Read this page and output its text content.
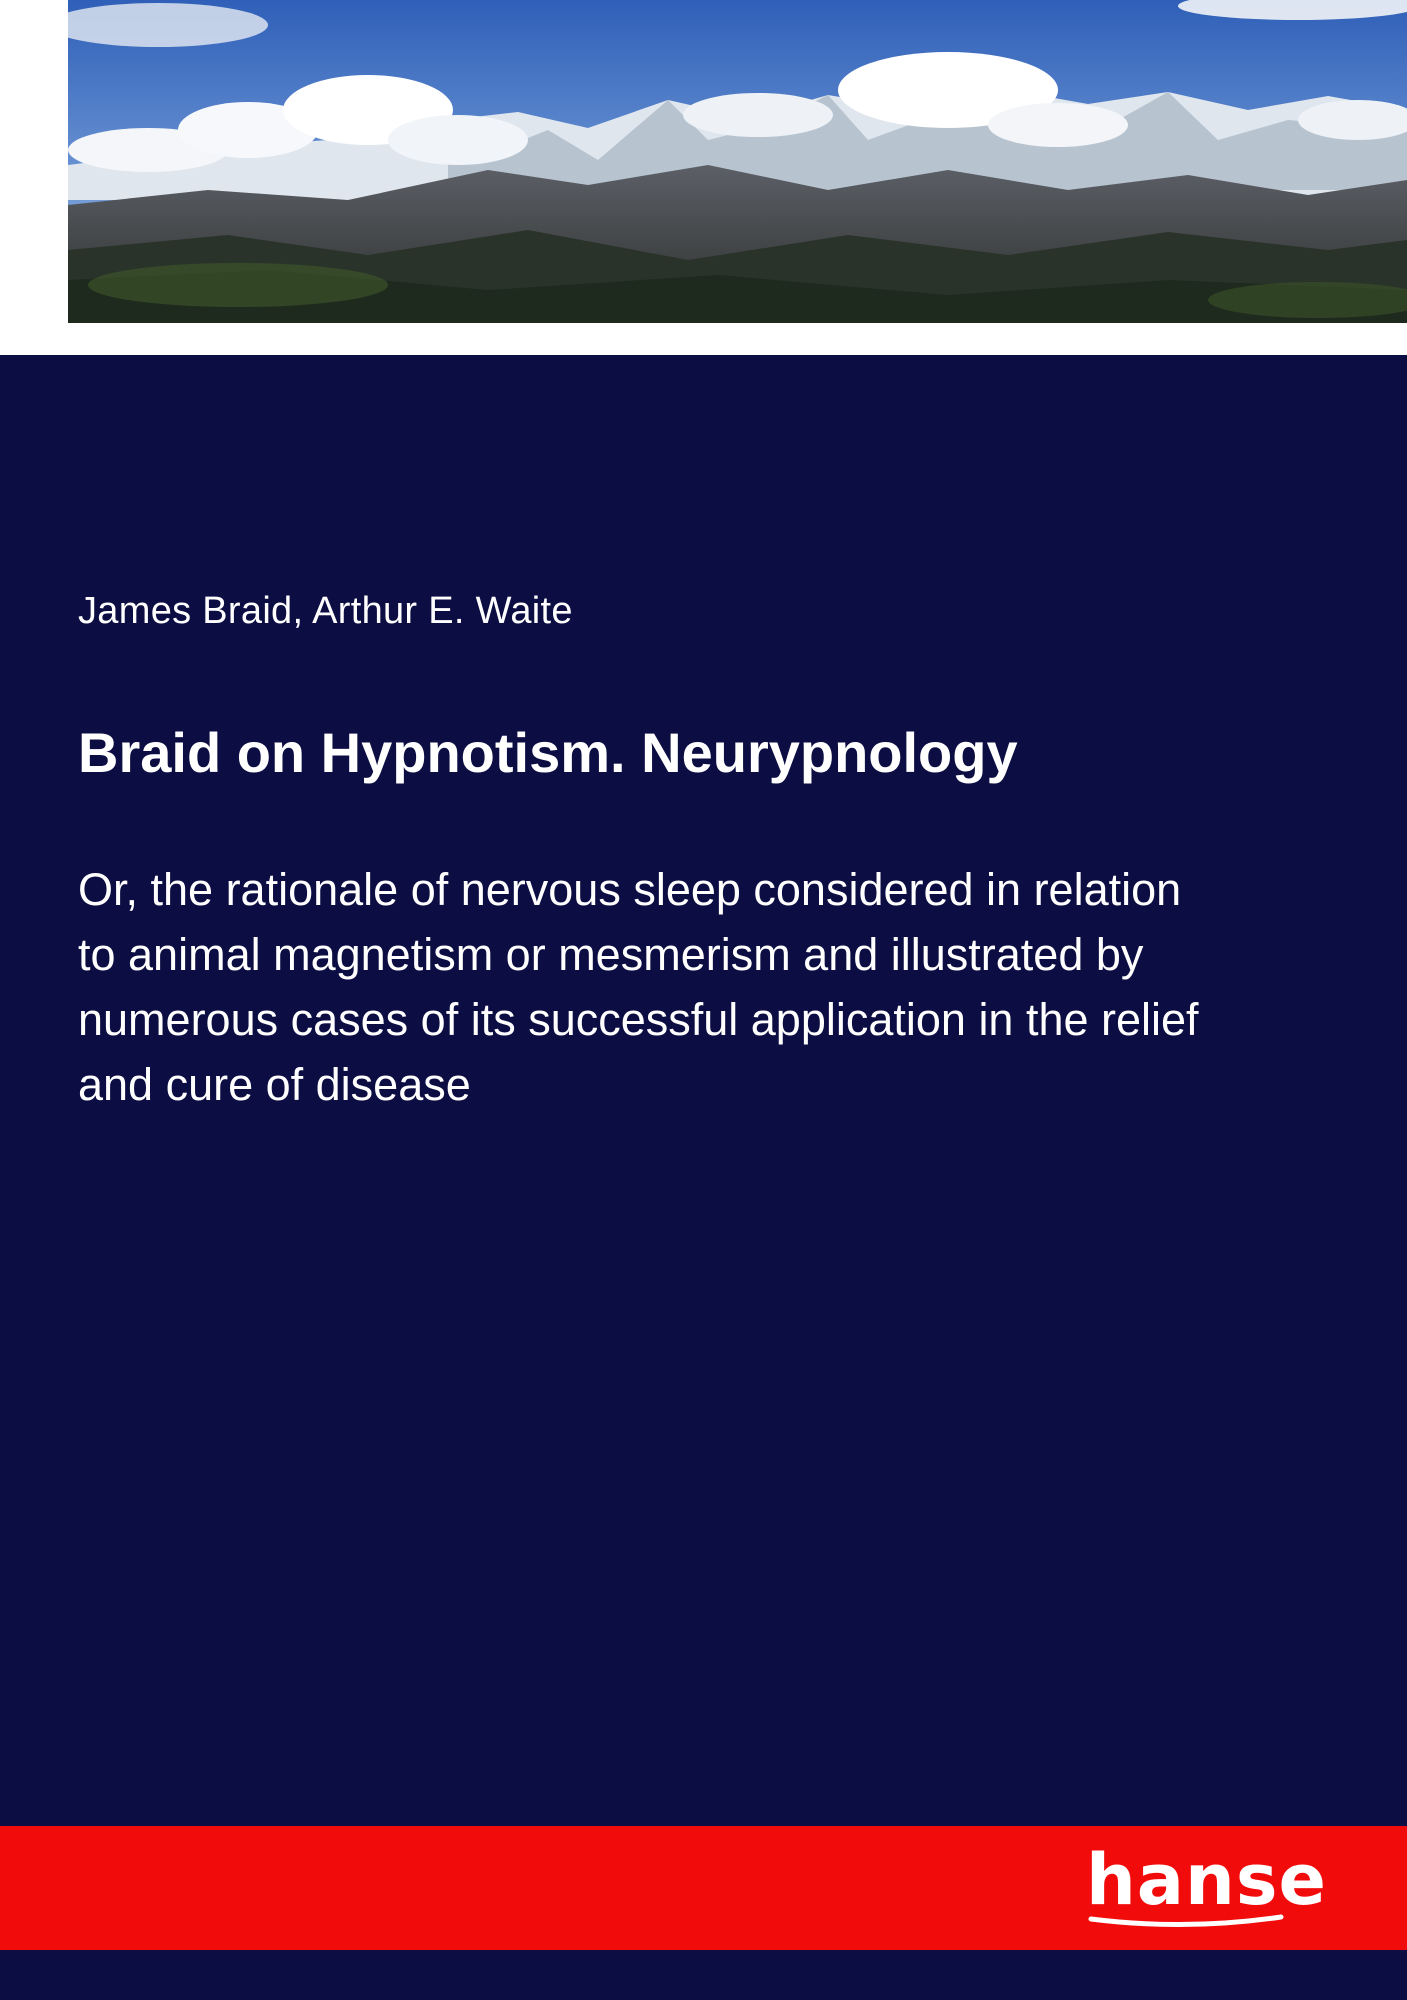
James Braid, Arthur E. Waite
Braid on Hypnotism. Neurypnology

Or, the rationale of nervous sleep considered in relation to animal magnetism or mesmerism and illustrated by numerous cases of its successful application in the relief and cure of disease

hanse
